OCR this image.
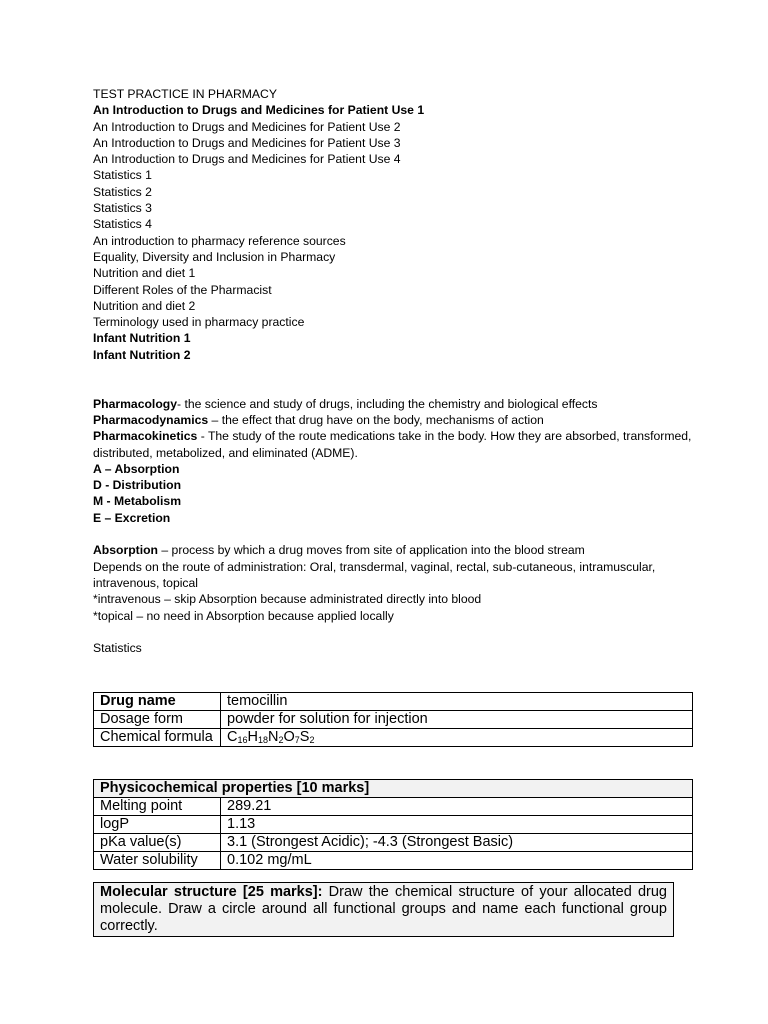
TEST PRACTICE IN PHARMACY

An Introduction to Drugs and Medicines for Patient Use 1

An Introduction to Drugs and Medicines for Patient Use 2

An Introduction to Drugs and Medicines for Patient Use 3

An Introduction to Drugs and Medicines for Patient Use 4

Statistics 1

Statistics 2

Statistics 3

Statistics 4

An introduction to pharmacy reference sources

Equality, Diversity and Inclusion in Pharmacy

Nutrition and diet 1

Different Roles of the Pharmacist

Nutrition and diet 2

Terminology used in pharmacy practice

Infant Nutrition 1

Infant Nutrition 2

Pharmacology- the science and study of drugs, including the chemistry and biological effects

Pharmacodynamics – the effect that drug have on the body, mechanisms of action

Pharmacokinetics - The study of the route medications take in the body. How they are absorbed, transformed, distributed, metabolized, and eliminated (ADME).

A – Absorption

D - Distribution

M - Metabolism

E – Excretion

Absorption – process by which a drug moves from site of application into the blood stream

Depends on the route of administration: Oral, transdermal, vaginal, rectal, sub-cutaneous, intramuscular, intravenous, topical

*intravenous – skip Absorption because administrated directly into blood

*topical – no need in Absorption because applied locally

Statistics

Drug name	temocillin
Dosage form	powder for solution for injection
Chemical formula	$C_{16}H_{18}N_2O_7S_2$
Physicochemical properties [10 marks]	
Melting point	289.21
logP	1.13
pKa value(s)	3.1 (Strongest Acidic); -4.3 (Strongest Basic)
Water solubility	0.102 mg/mL
Molecular structure [25 marks]: Draw the chemical structure of your allocated drug molecule. Draw a circle around all functional groups and name each functional group correctly.
